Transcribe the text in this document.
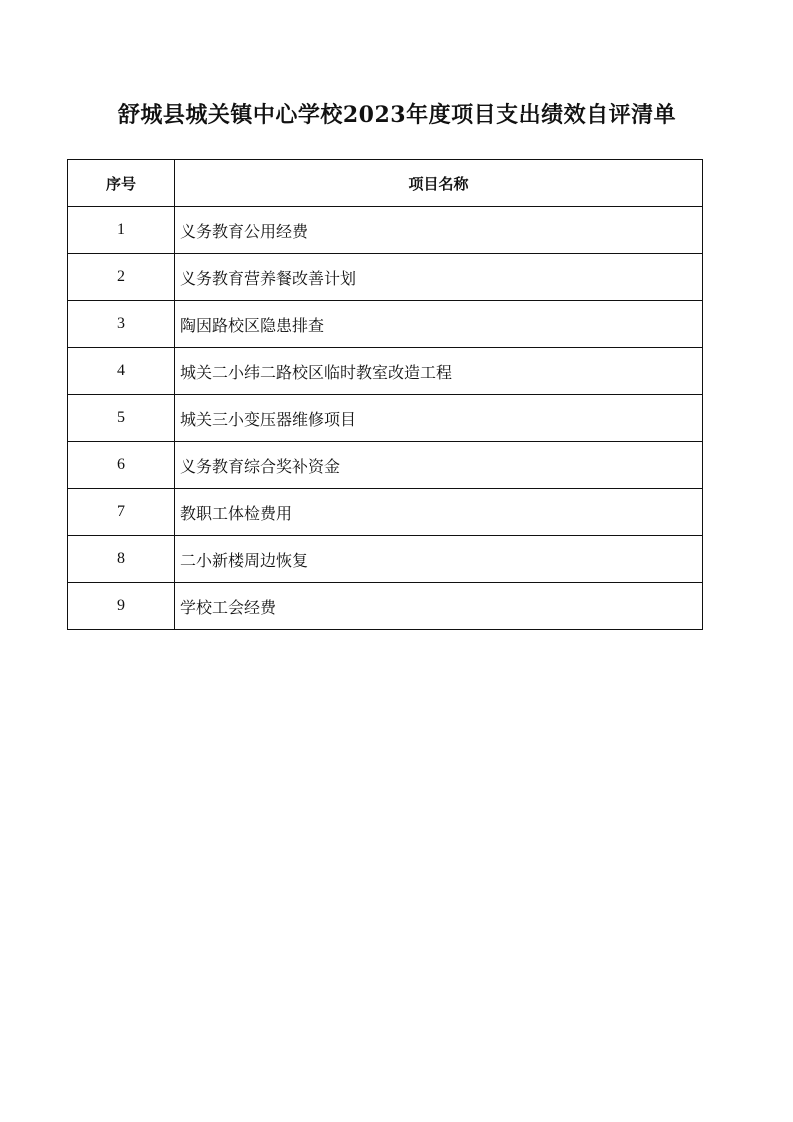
舒城县城关镇中心学校2023年度项目支出绩效自评清单
序号	项目名称
1	义务教育公用经费
2	义务教育营养餐改善计划
3	陶因路校区隐患排查
4	城关二小纬二路校区临时教室改造工程
5	城关三小变压器维修项目
6	义务教育综合奖补资金
7	教职工体检费用
8	二小新楼周边恢复
9	学校工会经费
